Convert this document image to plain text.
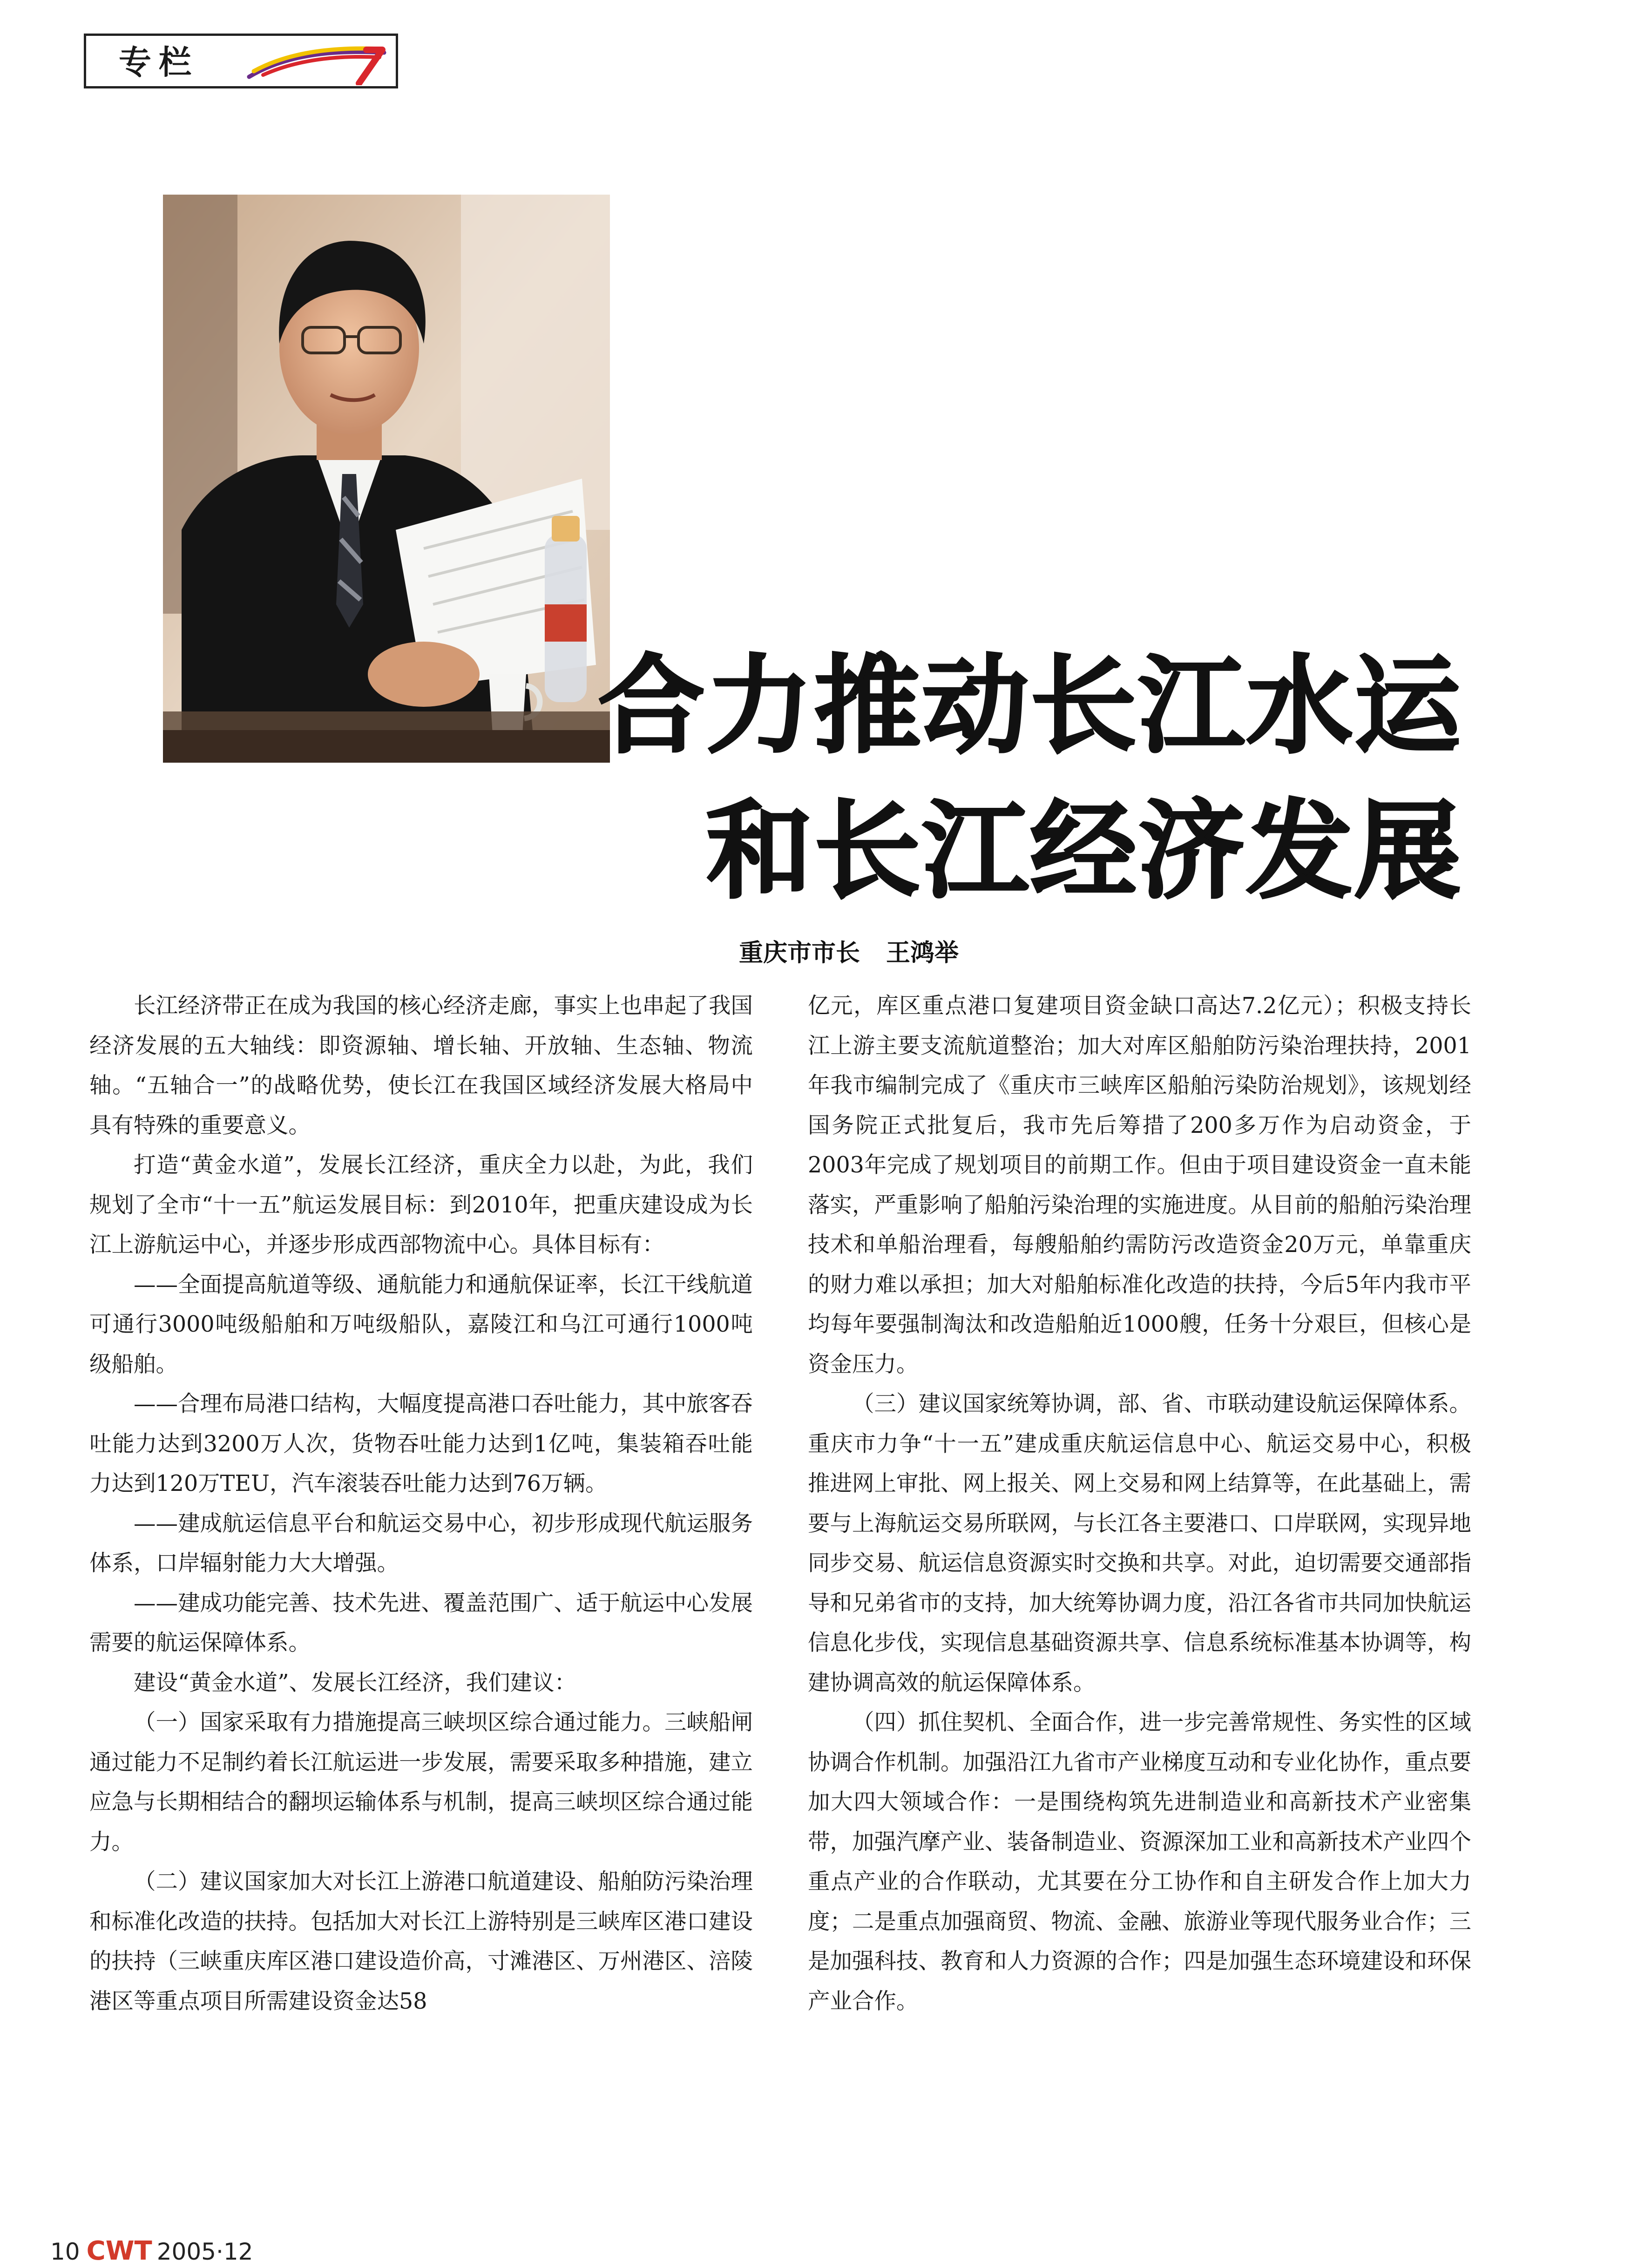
专栏
合力推动长江水运
和长江经济发展
重庆市市长 王鸿举

长江经济带正在成为我国的核心经济走廊，事实上也串起了我国经济发展的五大轴线：即资源轴、增长轴、开放轴、生态轴、物流轴。“五轴合一”的战略优势，使长江在我国区域经济发展大格局中具有特殊的重要意义。

打造“黄金水道”，发展长江经济，重庆全力以赴，为此，我们规划了全市“十一五”航运发展目标：到2010年，把重庆建设成为长江上游航运中心，并逐步形成西部物流中心。具体目标有：

——全面提高航道等级、通航能力和通航保证率，长江干线航道可通行3000吨级船舶和万吨级船队，嘉陵江和乌江可通行1000吨级船舶。

——合理布局港口结构，大幅度提高港口吞吐能力，其中旅客吞吐能力达到3200万人次，货物吞吐能力达到1亿吨，集装箱吞吐能力达到120万TEU，汽车滚装吞吐能力达到76万辆。

——建成航运信息平台和航运交易中心，初步形成现代航运服务体系，口岸辐射能力大大增强。

——建成功能完善、技术先进、覆盖范围广、适于航运中心发展需要的航运保障体系。

建设“黄金水道”、发展长江经济，我们建议：

（一）国家采取有力措施提高三峡坝区综合通过能力。三峡船闸通过能力不足制约着长江航运进一步发展，需要采取多种措施，建立应急与长期相结合的翻坝运输体系与机制，提高三峡坝区综合通过能力。

（二）建议国家加大对长江上游港口航道建设、船舶防污染治理和标准化改造的扶持。包括加大对长江上游特别是三峡库区港口建设的扶持（三峡重庆库区港口建设造价高，寸滩港区、万州港区、涪陵港区等重点项目所需建设资金达58

亿元，库区重点港口复建项目资金缺口高达7.2亿元）；积极支持长江上游主要支流航道整治；加大对库区船舶防污染治理扶持，2001年我市编制完成了《重庆市三峡库区船舶污染防治规划》，该规划经国务院正式批复后，我市先后筹措了200多万作为启动资金，于2003年完成了规划项目的前期工作。但由于项目建设资金一直未能落实，严重影响了船舶污染治理的实施进度。从目前的船舶污染治理技术和单船治理看，每艘船舶约需防污改造资金20万元，单靠重庆的财力难以承担；加大对船舶标准化改造的扶持，今后5年内我市平均每年要强制淘汰和改造船舶近1000艘，任务十分艰巨，但核心是资金压力。

（三）建议国家统筹协调，部、省、市联动建设航运保障体系。重庆市力争“十一五”建成重庆航运信息中心、航运交易中心，积极推进网上审批、网上报关、网上交易和网上结算等，在此基础上，需要与上海航运交易所联网，与长江各主要港口、口岸联网，实现异地同步交易、航运信息资源实时交换和共享。对此，迫切需要交通部指导和兄弟省市的支持，加大统筹协调力度，沿江各省市共同加快航运信息化步伐，实现信息基础资源共享、信息系统标准基本协调等，构建协调高效的航运保障体系。

（四）抓住契机、全面合作，进一步完善常规性、务实性的区域协调合作机制。加强沿江九省市产业梯度互动和专业化协作，重点要加大四大领域合作：一是围绕构筑先进制造业和高新技术产业密集带，加强汽摩产业、装备制造业、资源深加工业和高新技术产业四个重点产业的合作联动，尤其要在分工协作和自主研发合作上加大力度；二是重点加强商贸、物流、金融、旅游业等现代服务业合作；三是加强科技、教育和人力资源的合作；四是加强生态环境建设和环保产业合作。

10 CWT 2005·12
